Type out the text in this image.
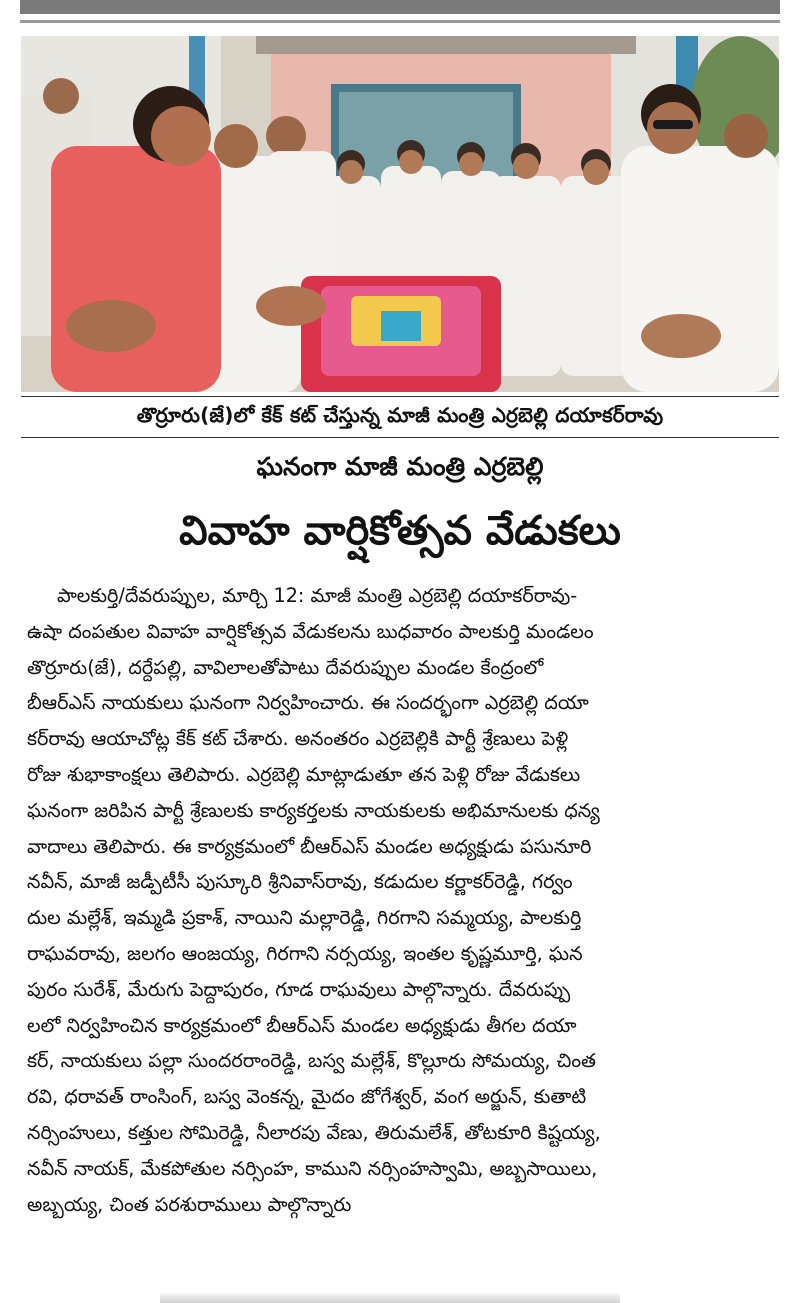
తొర్రూరు(జే)లో కేక్ కట్ చేస్తున్న మాజీ మంత్రి ఎర్రబెల్లి దయాకర్‌రావు
ఘనంగా మాజీ మంత్రి ఎర్రబెల్లి
వివాహ వార్షికోత్సవ వేడుకలు
పాలకుర్తి/దేవరుప్పుల, మార్చి 12: మాజీ మంత్రి ఎర్రబెల్లి దయాకర్‌రావు-
ఉషా దంపతుల వివాహ వార్షికోత్సవ వేడుకలను బుధవారం పాలకుర్తి మండలం
తొర్రూరు(జే), దర్దేపల్లి, వావిలాలతోపాటు దేవరుప్పుల మండల కేంద్రంలో
బీఆర్‌ఎస్ నాయకులు ఘనంగా నిర్వహించారు. ఈ సందర్భంగా ఎర్రబెల్లి దయా
కర్‌రావు ఆయాచోట్ల కేక్ కట్ చేశారు. అనంతరం ఎర్రబెల్లికి పార్టీ శ్రేణులు పెళ్లి
రోజు శుభాకాంక్షలు తెలిపారు. ఎర్రబెల్లి మాట్లాడుతూ తన పెళ్లి రోజు వేడుకలు
ఘనంగా జరిపిన పార్టీ శ్రేణులకు కార్యకర్తలకు నాయకులకు అభిమానులకు ధన్య
వాదాలు తెలిపారు. ఈ కార్యక్రమంలో బీఆర్‌ఎస్ మండల అధ్యక్షుడు పసునూరి
నవీన్, మాజీ జడ్పీటీసీ పుస్కూరి శ్రీనివాస్‌రావు, కడుదుల కర్ణాకర్‌రెడ్డి, గర్వం
దుల మల్లేశ్, ఇమ్మడి ప్రకాశ్, నాయిని మల్లారెడ్డి, గిరగాని సమ్మయ్య, పాలకుర్తి
రాఘవరావు, జలగం ఆంజయ్య, గిరగాని నర్సయ్య, ఇంతల కృష్ణమూర్తి, ఘన
పురం సురేశ్, మేరుగు పెద్దాపురం, గూడ రాఘవులు పాల్గొన్నారు. దేవరుప్పు
లలో నిర్వహించిన కార్యక్రమంలో బీఆర్‌ఎస్ మండల అధ్యక్షుడు తీగల దయా
కర్, నాయకులు పల్లా సుందరరాంరెడ్డి, బస్వ మల్లేశ్, కొల్లూరు సోమయ్య, చింత
రవి, ధరావత్ రాంసింగ్, బస్వ వెంకన్న, మైదం జోగేశ్వర్, వంగ అర్జున్, కుతాటి
నర్సింహులు, కత్తుల సోమిరెడ్డి, నీలారపు వేణు, తిరుమలేశ్, తోటకూరి కిష్టయ్య,
నవీన్ నాయక్, మేకపోతుల నర్సింహ, కాముని నర్సింహస్వామి, అబ్బసాయిలు,
అబ్బయ్య, చింత పరశురాములు పాల్గొన్నారు
